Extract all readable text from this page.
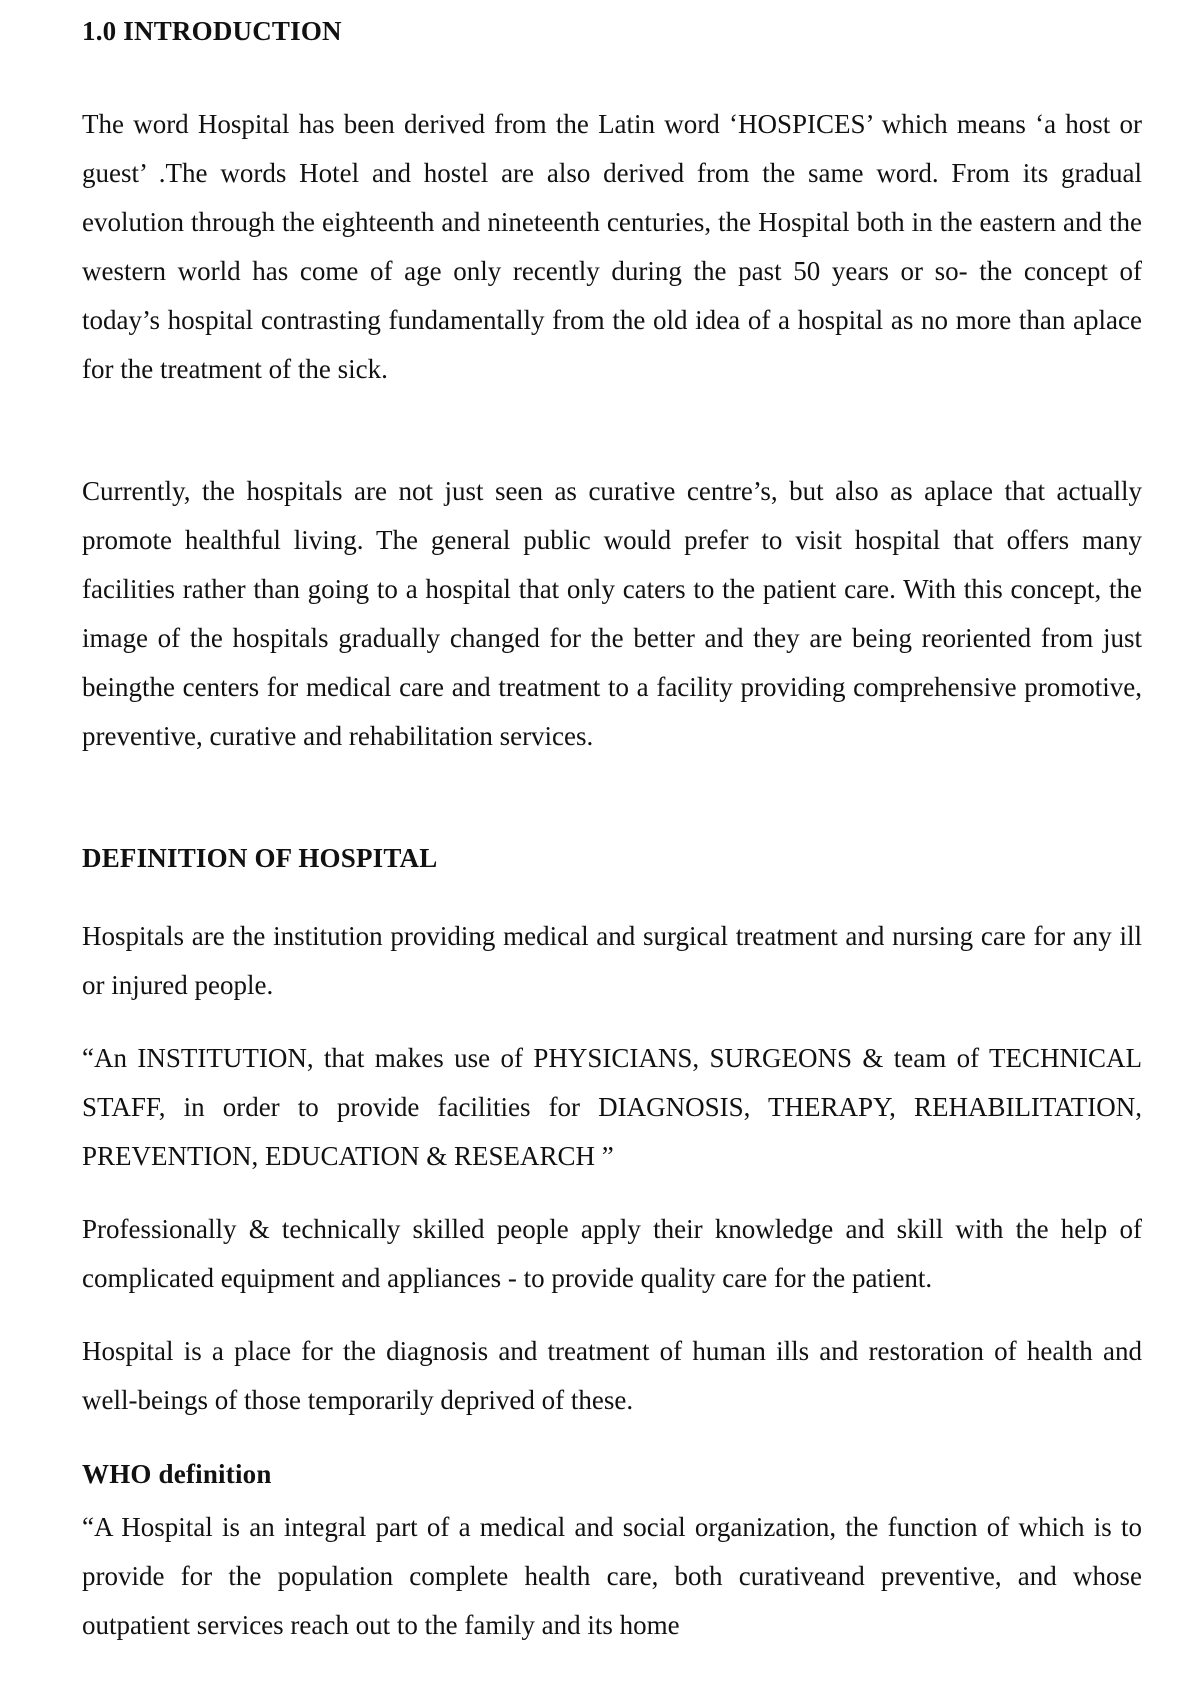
1.0 INTRODUCTION

The word Hospital has been derived from the Latin word ‘HOSPICES’ which means ‘a host or guest’ .The words Hotel and hostel are also derived from the same word. From its gradual evolution through the eighteenth and nineteenth centuries, the Hospital both in the eastern and the western world has come of age only recently during the past 50 years or so- the concept of today’s hospital contrasting fundamentally from the old idea of a hospital as no more than aplace for the treatment of the sick.

Currently, the hospitals are not just seen as curative centre’s, but also as aplace that actually promote healthful living. The general public would prefer to visit hospital that offers many facilities rather than going to a hospital that only caters to the patient care. With this concept, the image of the hospitals gradually changed for the better and they are being reoriented from just beingthe centers for medical care and treatment to a facility providing comprehensive promotive, preventive, curative and rehabilitation services.

DEFINITION OF HOSPITAL

Hospitals are the institution providing medical and surgical treatment and nursing care for any ill or injured people.

“An INSTITUTION, that makes use of PHYSICIANS, SURGEONS & team of TECHNICAL STAFF, in order to provide facilities for DIAGNOSIS, THERAPY, REHABILITATION, PREVENTION, EDUCATION & RESEARCH ”

Professionally & technically skilled people apply their knowledge and skill with the help of complicated equipment and appliances - to provide quality care for the patient.

Hospital is a place for the diagnosis and treatment of human ills and restoration of health and well-beings of those temporarily deprived of these.

WHO definition

“A Hospital is an integral part of a medical and social organization, the function of which is to provide for the population complete health care, both curativeand preventive, and whose outpatient services reach out to the family and its home
